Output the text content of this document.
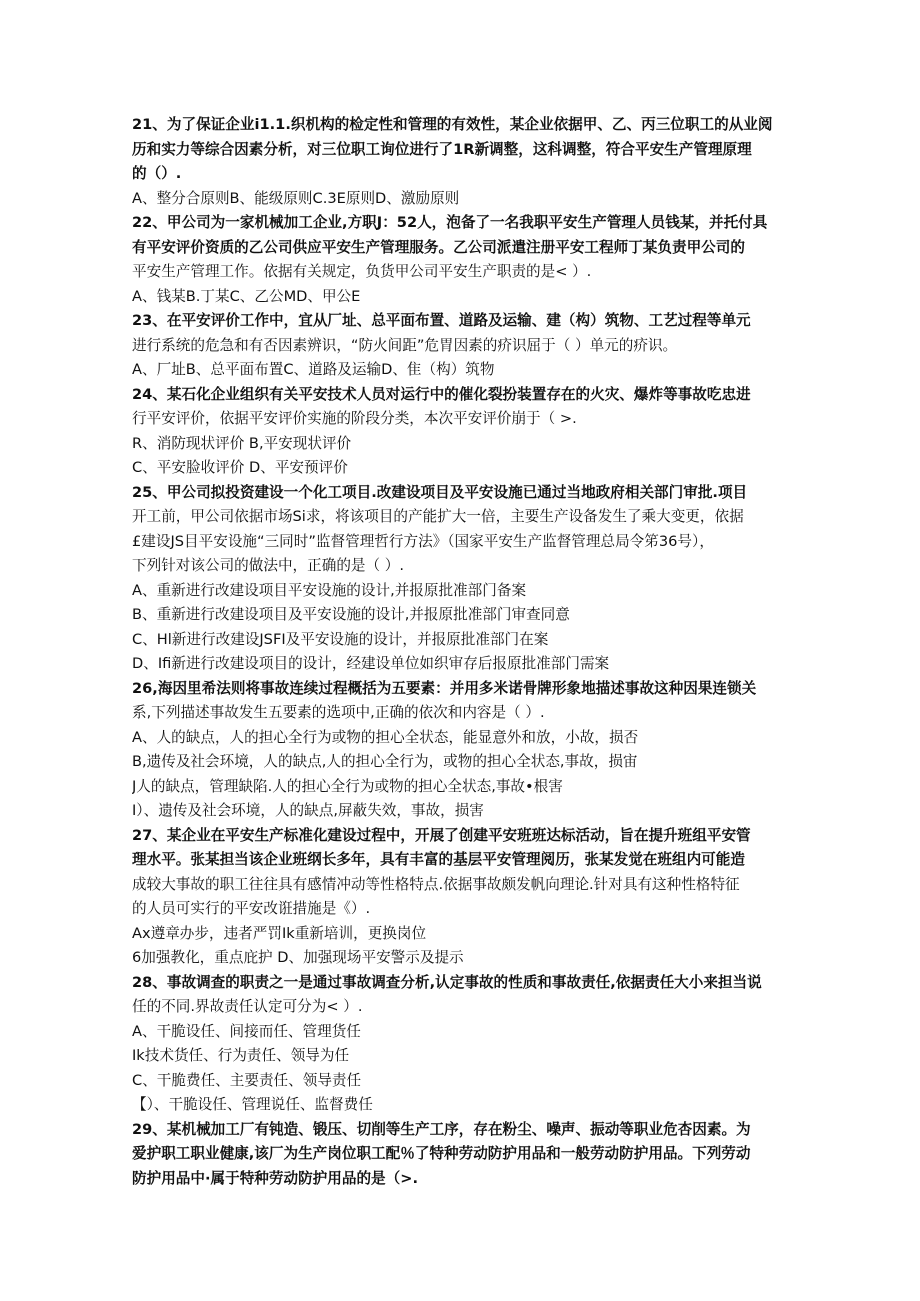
21、为了保证企业i1.1.织机构的检定性和管理的有效性，某企业依据甲、乙、丙三位职工的从业阅
历和实力等综合因素分析，对三位职工询位进行了1R新调整，这科调整，符合平安生产管理原理
的（）.
A、整分合原则B、能级原则C.3E原则D、激励原则
22、甲公司为一家机械加工企业,方职J：52人，泡备了一名我职平安生产管理人员钱某，并托付具
有平安评价资质的乙公司供应平安生产管理服务。乙公司派遣注册平安工程师丁某负责甲公司的
平安生产管理工作。依据有关规定，负货甲公司平安生产职责的是< ）.
A、钱某B.丁某C、乙公MD、甲公E
23、在平安评价工作中，宜从厂址、总平面布置、道路及运输、建（构）筑物、工艺过程等单元
进行系统的危急和有否因素辨识，“防火间距”危胃因素的疥识屈于（ ）单元的疥识。
A、厂址B、总平面布置C、道路及运输D、隹（构）筑物
24、某石化企业组织有关平安技术人员对运行中的催化裂扮装置存在的火灾、爆炸等事故吃忠进
行平安评价，依据平安评价实施的阶段分类，本次平安评价崩于（ >.
R、消防现状评价 B,平安现状评价
C、平安脸收评价 D、平安预评价
25、甲公司拟投资建设一个化工项目.改建设项目及平安设施已通过当地政府相关部门审批.项目
开工前，甲公司依据市场Si求，将该项目的产能扩大一倍，主要生产设备发生了乘大变更，依据
£建设JS目平安设施“三同时”监督管理哲行方法》（国家平安生产监督管理总局令笫36号），
下列针对该公司的做法中，正确的是（ ）.
A、重新进行改建设项目平安设施的设计,并报原批准部门备案
B、重新进行改建设项目及平安设施的设计,并报原批准部门审查同意
C、Hl新进行改建设JSFI及平安设施的设计，并报原批准部门在案
D、Ifi新进行改建设项目的设计，经建设单位如织审存后报原批准部门需案
26,海因里希法则将事故连续过程概括为五要素：并用多米诺骨牌形象地描述事故这种因果连锁关
系,下列描述事故发生五要素的选项中,正确的依次和内容是（ ）.
A、人的缺点，人的担心全行为或物的担心全状态，能显意外和放，小故，损否
B,遗传及社会环境，人的缺点,人的担心全行为，或物的担心全状态,事故，损宙
J人的缺点，管理缺陷.人的担心全行为或物的担心全状态,事故•根害
I）、遗传及社会环境，人的缺点,屏蔽失效，事故，损害
27、某企业在平安生产标准化建设过程中，开展了创建平安班班达标活动，旨在提升班组平安管
理水平。张某担当该企业班纲长多年，具有丰富的基层平安管理阅历，张某发觉在班组内可能造
成较大事故的职工往往具有感情冲动等性格特点.依据事故颇发帆向理论.针对具有这种性格特征
的人员可实行的平安改诳措施是《）.
Ax遵章办步，违者严罚Ik重新培训，更换岗位
6加强教化，重点庇护 D、加强现场平安警示及提示
28、事故调查的职责之一是通过事故调查分析,认定事故的性质和事故责任,依据责任大小来担当说
任的不同.界故责任认定可分为< ）.
A、干脆设任、间接而任、管理货任
Ik技术货任、行为责任、领导为任
C、干脆费任、主要责任、领导责任
【）、干脆设任、管理说任、监督费任
29、某机械加工厂有钝造、锻压、切削等生产工序，存在粉尘、噪声、振动等职业危杏因素。为
爱护职工职业健康,该厂为生产岗位职工配％了特种劳动防护用品和一般劳动防护用品。下列劳动
防护用品中·属于特种劳动防护用品的是（>.
